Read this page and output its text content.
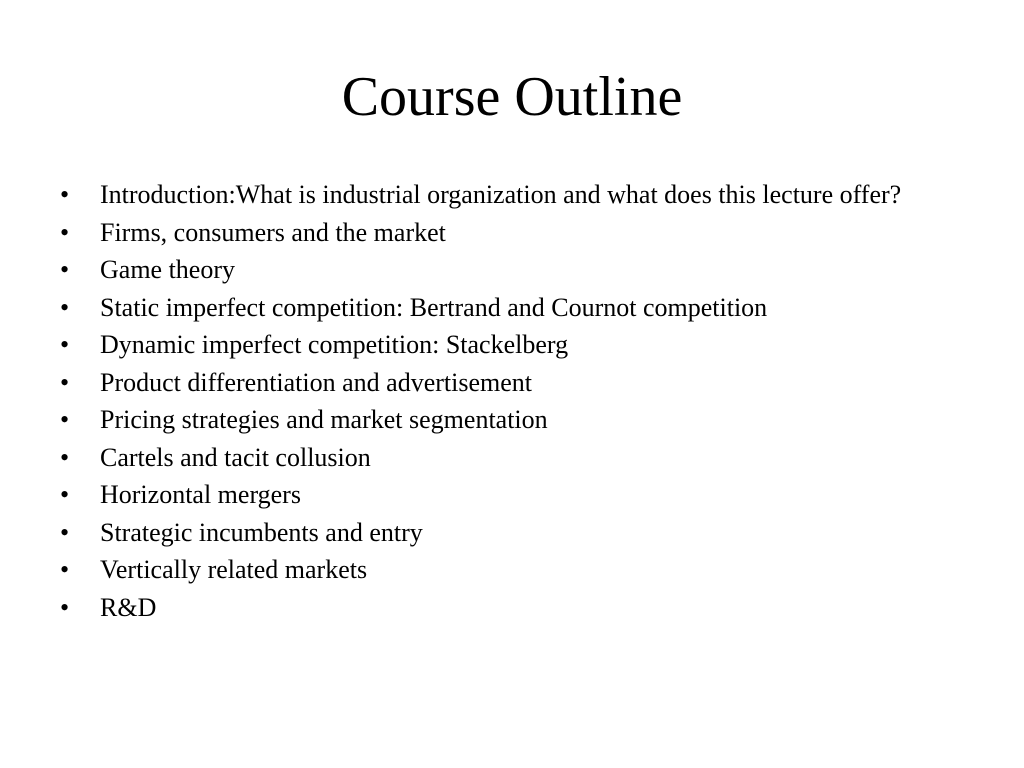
Course Outline
• Introduction:What is industrial organization and what does this lecture offer?
• Firms, consumers and the market
• Game theory
• Static imperfect competition: Bertrand and Cournot competition
• Dynamic imperfect competition: Stackelberg
• Product differentiation and advertisement
• Pricing strategies and market segmentation
• Cartels and tacit collusion
• Horizontal mergers
• Strategic incumbents and entry
• Vertically related markets
• R&D
